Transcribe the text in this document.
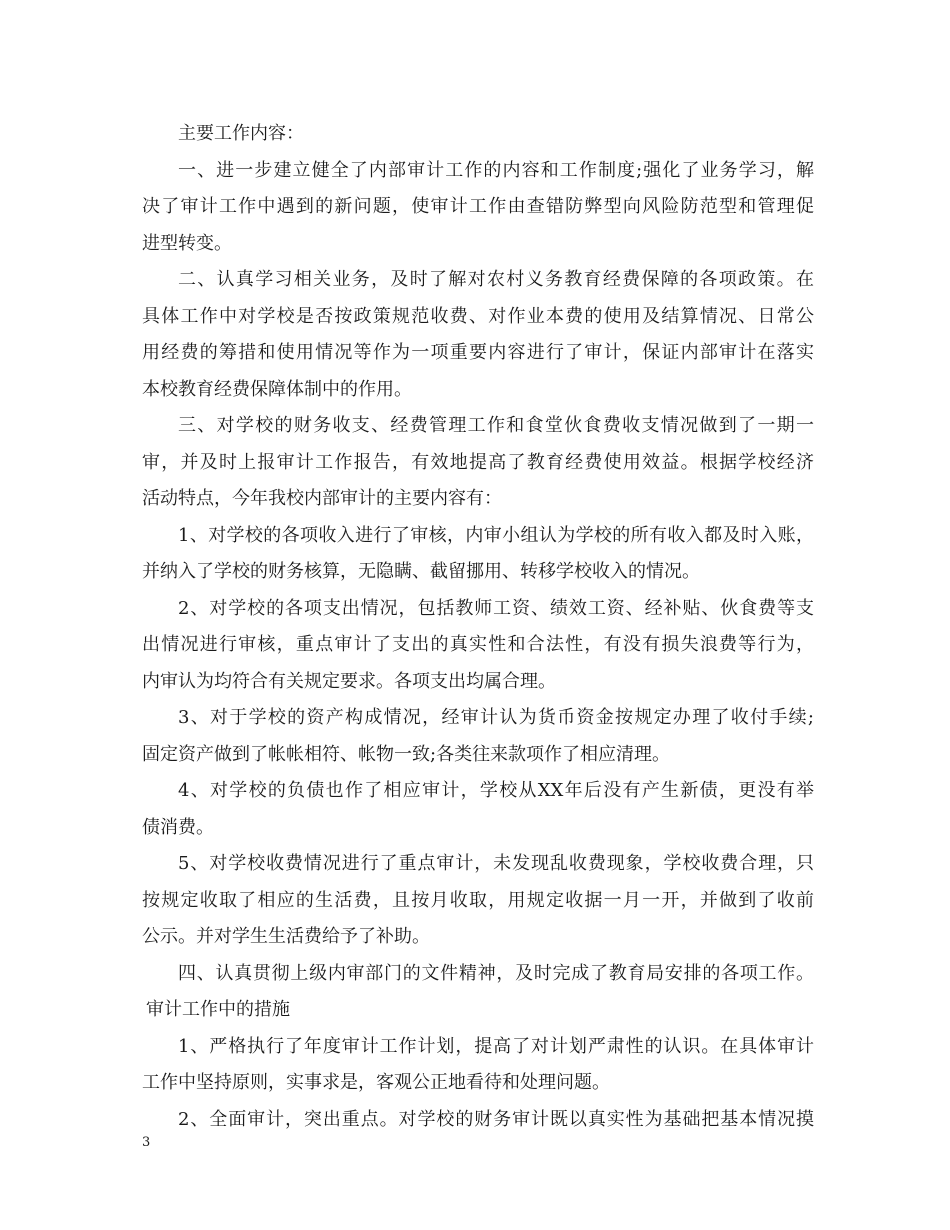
主要工作内容：
一、进一步建立健全了内部审计工作的内容和工作制度;强化了业务学习，解
决了审计工作中遇到的新问题，使审计工作由查错防弊型向风险防范型和管理促
进型转变。
二、认真学习相关业务，及时了解对农村义务教育经费保障的各项政策。在
具体工作中对学校是否按政策规范收费、对作业本费的使用及结算情况、日常公
用经费的筹措和使用情况等作为一项重要内容进行了审计，保证内部审计在落实
本校教育经费保障体制中的作用。
三、对学校的财务收支、经费管理工作和食堂伙食费收支情况做到了一期一
审，并及时上报审计工作报告，有效地提高了教育经费使用效益。根据学校经济
活动特点，今年我校内部审计的主要内容有：
1、对学校的各项收入进行了审核，内审小组认为学校的所有收入都及时入账，
并纳入了学校的财务核算，无隐瞒、截留挪用、转移学校收入的情况。
2、对学校的各项支出情况，包括教师工资、绩效工资、经补贴、伙食费等支
出情况进行审核，重点审计了支出的真实性和合法性，有没有损失浪费等行为，
内审认为均符合有关规定要求。各项支出均属合理。
3、对于学校的资产构成情况，经审计认为货币资金按规定办理了收付手续;
固定资产做到了帐帐相符、帐物一致;各类往来款项作了相应清理。
4、对学校的负债也作了相应审计，学校从XX年后没有产生新债，更没有举
债消费。
5、对学校收费情况进行了重点审计，未发现乱收费现象，学校收费合理，只
按规定收取了相应的生活费，且按月收取，用规定收据一月一开，并做到了收前
公示。并对学生生活费给予了补助。
四、认真贯彻上级内审部门的文件精神，及时完成了教育局安排的各项工作。
审计工作中的措施
1、严格执行了年度审计工作计划，提高了对计划严肃性的认识。在具体审计
工作中坚持原则，实事求是，客观公正地看待和处理问题。
2、全面审计，突出重点。对学校的财务审计既以真实性为基础把基本情况摸
3
